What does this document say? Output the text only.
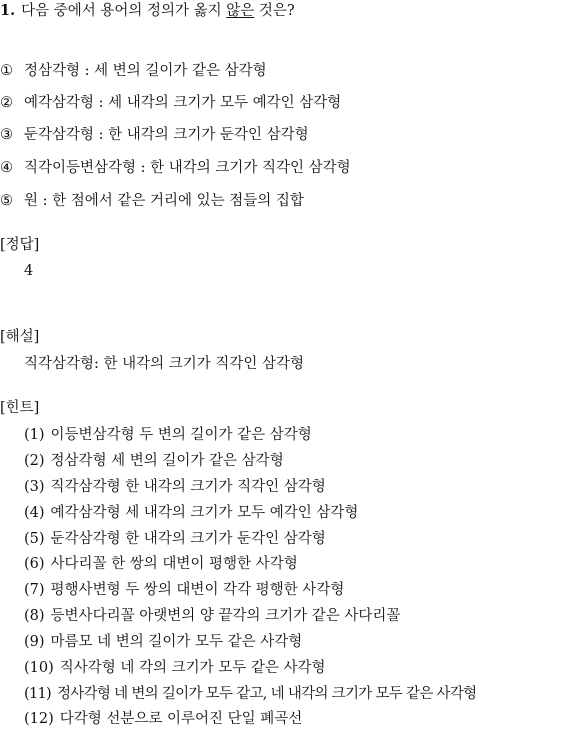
1. 다음 중에서 용어의 정의가 옳지 않은 것은?
① 정삼각형 : 세 변의 길이가 같은 삼각형
② 예각삼각형 : 세 내각의 크기가 모두 예각인 삼각형
③ 둔각삼각형 : 한 내각의 크기가 둔각인 삼각형
④ 직각이등변삼각형 : 한 내각의 크기가 직각인 삼각형
⑤ 원 : 한 점에서 같은 거리에 있는 점들의 집합
[정답]
4
[해설]
직각삼각형: 한 내각의 크기가 직각인 삼각형
[힌트]
(1) 이등변삼각형 두 변의 길이가 같은 삼각형
(2) 정삼각형 세 변의 길이가 같은 삼각형
(3) 직각삼각형 한 내각의 크기가 직각인 삼각형
(4) 예각삼각형 세 내각의 크기가 모두 예각인 삼각형
(5) 둔각삼각형 한 내각의 크기가 둔각인 삼각형
(6) 사다리꼴 한 쌍의 대변이 평행한 사각형
(7) 평행사변형 두 쌍의 대변이 각각 평행한 사각형
(8) 등변사다리꼴 아랫변의 양 끝각의 크기가 같은 사다리꼴
(9) 마름모 네 변의 길이가 모두 같은 사각형
(10) 직사각형 네 각의 크기가 모두 같은 사각형
(11) 정사각형 네 변의 길이가 모두 같고, 네 내각의 크기가 모두 같은 사각형
(12) 다각형 선분으로 이루어진 단일 폐곡선
